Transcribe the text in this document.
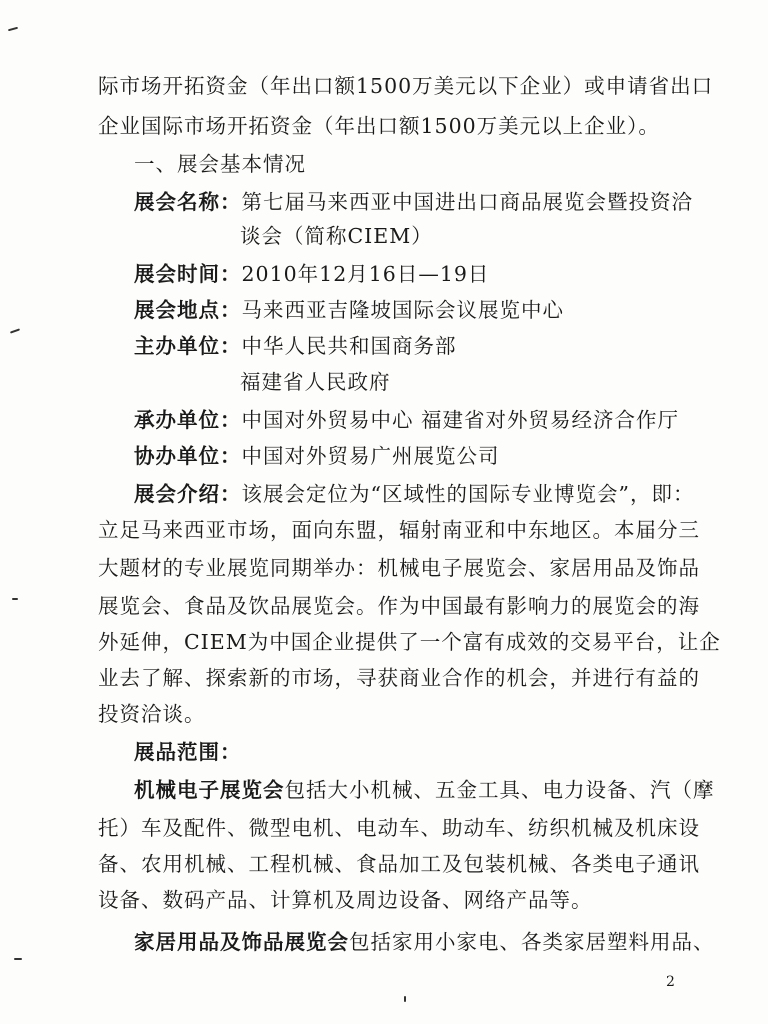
际市场开拓资金（年出口额1500万美元以下企业）或申请省出口
企业国际市场开拓资金（年出口额1500万美元以上企业）。
一、展会基本情况
展会名称：第七届马来西亚中国进出口商品展览会暨投资洽
谈会（简称CIEM）
展会时间：2010年12月16日—19日
展会地点：马来西亚吉隆坡国际会议展览中心
主办单位：中华人民共和国商务部
福建省人民政府
承办单位：中国对外贸易中心 福建省对外贸易经济合作厅
协办单位：中国对外贸易广州展览公司
展会介绍：该展会定位为“区域性的国际专业博览会”，即：
立足马来西亚市场，面向东盟，辐射南亚和中东地区。本届分三
大题材的专业展览同期举办：机械电子展览会、家居用品及饰品
展览会、食品及饮品展览会。作为中国最有影响力的展览会的海
外延伸，CIEM为中国企业提供了一个富有成效的交易平台，让企
业去了解、探索新的市场，寻获商业合作的机会，并进行有益的
投资洽谈。
展品范围：
机械电子展览会包括大小机械、五金工具、电力设备、汽（摩
托）车及配件、微型电机、电动车、助动车、纺织机械及机床设
备、农用机械、工程机械、食品加工及包装机械、各类电子通讯
设备、数码产品、计算机及周边设备、网络产品等。
家居用品及饰品展览会包括家用小家电、各类家居塑料用品、
2
